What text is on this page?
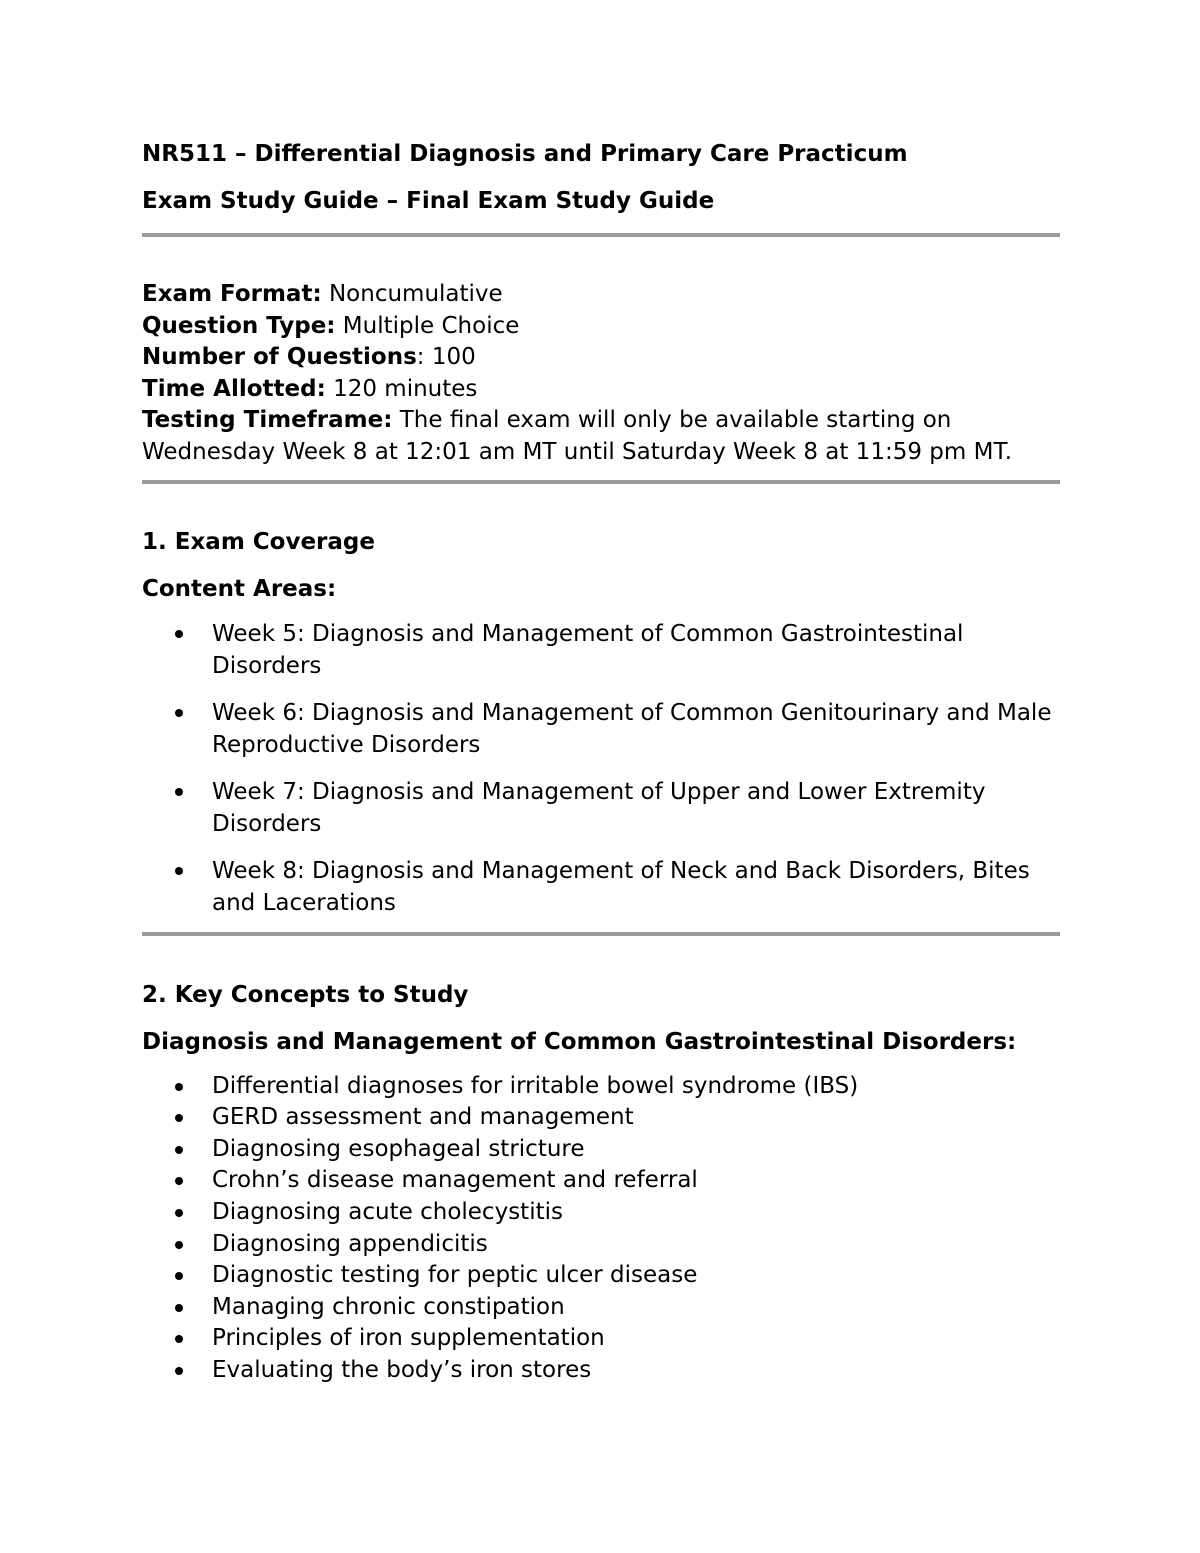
NR511 – Differential Diagnosis and Primary Care Practicum
Exam Study Guide – Final Exam Study Guide
Exam Format: Noncumulative
Question Type: Multiple Choice
Number of Questions: 100
Time Allotted: 120 minutes
Testing Timeframe: The final exam will only be available starting on Wednesday Week 8 at 12:01 am MT until Saturday Week 8 at 11:59 pm MT.
1. Exam Coverage
Content Areas:
Week 5: Diagnosis and Management of Common Gastrointestinal Disorders
Week 6: Diagnosis and Management of Common Genitourinary and Male Reproductive Disorders
Week 7: Diagnosis and Management of Upper and Lower Extremity Disorders
Week 8: Diagnosis and Management of Neck and Back Disorders, Bites and Lacerations
2. Key Concepts to Study
Diagnosis and Management of Common Gastrointestinal Disorders:
Differential diagnoses for irritable bowel syndrome (IBS)
GERD assessment and management
Diagnosing esophageal stricture
Crohn’s disease management and referral
Diagnosing acute cholecystitis
Diagnosing appendicitis
Diagnostic testing for peptic ulcer disease
Managing chronic constipation
Principles of iron supplementation
Evaluating the body’s iron stores
